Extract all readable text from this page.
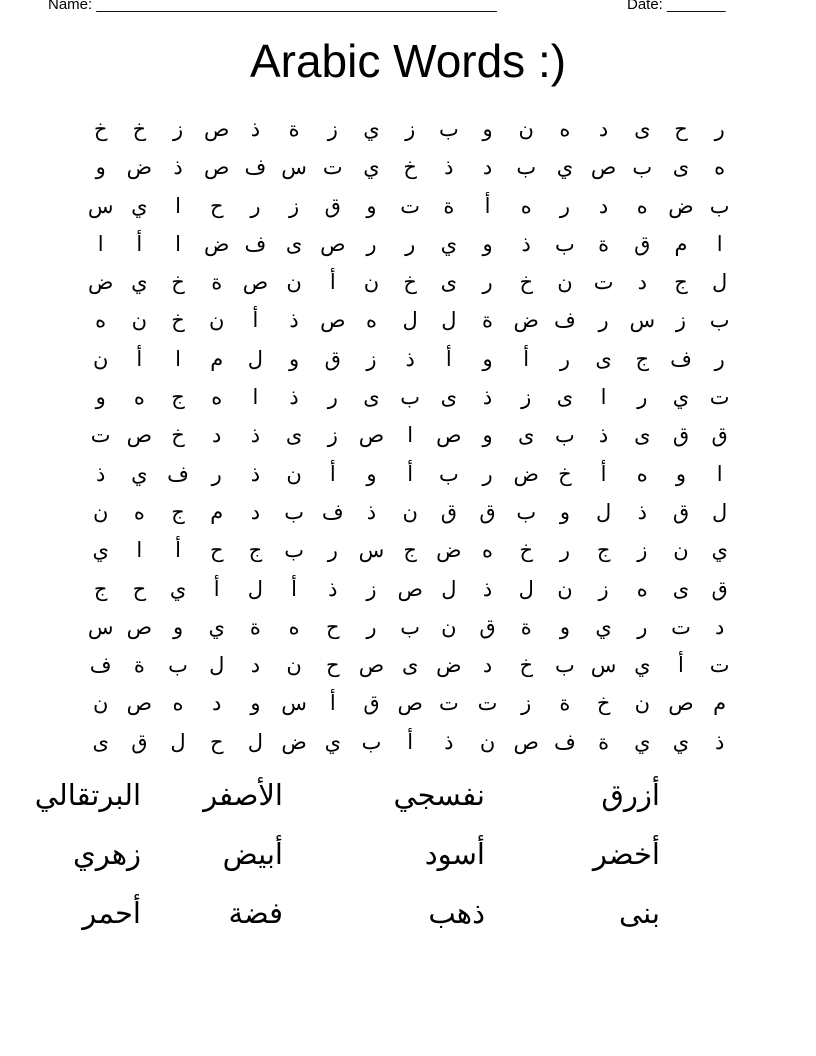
Name: ________________________________________________	Date: _______
Arabic Words :)
ر
ح
ى
د
ه
ن
و
ب
ز
ي
ز
ة
ذ
ص
ز
خ
خ
ه
ى
ب
ص
ي
ب
د
ذ
خ
ي
ت
س
ف
ص
ذ
ض
و
ب
ض
ه
د
ر
ه
أ
ة
ت
و
ق
ز
ر
ح
ا
ي
س
ا
م
ق
ة
ب
ذ
و
ي
ر
ر
ص
ى
ف
ض
ا
أ
ا
ل
ج
د
ت
ن
خ
ر
ى
خ
ن
أ
ن
ص
ة
خ
ي
ض
ب
ز
س
ر
ف
ض
ة
ل
ل
ه
ص
ذ
أ
ن
خ
ن
ه
ر
ف
ج
ى
ر
أ
و
أ
ذ
ز
ق
و
ل
م
ا
أ
ن
ت
ي
ر
ا
ى
ز
ذ
ى
ب
ى
ر
ذ
ا
ه
ج
ه
و
ق
ق
ى
ذ
ب
ى
و
ص
ا
ص
ز
ى
ذ
د
خ
ص
ت
ا
و
ه
أ
خ
ض
ر
ب
أ
و
أ
ن
ذ
ر
ف
ي
ذ
ل
ق
ذ
ل
و
ب
ق
ق
ن
ذ
ف
ب
د
م
ج
ه
ن
ي
ن
ز
ج
ر
خ
ه
ض
ج
س
ر
ب
ج
ح
أ
ا
ي
ق
ى
ه
ز
ن
ل
ذ
ل
ص
ز
ذ
أ
ل
أ
ي
ح
ج
د
ت
ر
ي
و
ة
ق
ن
ب
ر
ح
ه
ة
ي
و
ص
س
ت
أ
ي
س
ب
خ
د
ض
ى
ص
ح
ن
د
ل
ب
ة
ف
م
ص
ن
خ
ة
ز
ت
ت
ص
ق
أ
س
و
د
ه
ص
ن
ذ
ي
ي
ة
ف
ص
ن
ذ
أ
ب
ي
ض
ل
ح
ل
ق
ى
أزرق
نفسجي
الأصفر
البرتقالي
أخضر
أسود
أبيض
زهري
بنى
ذهب
فضة
أحمر
